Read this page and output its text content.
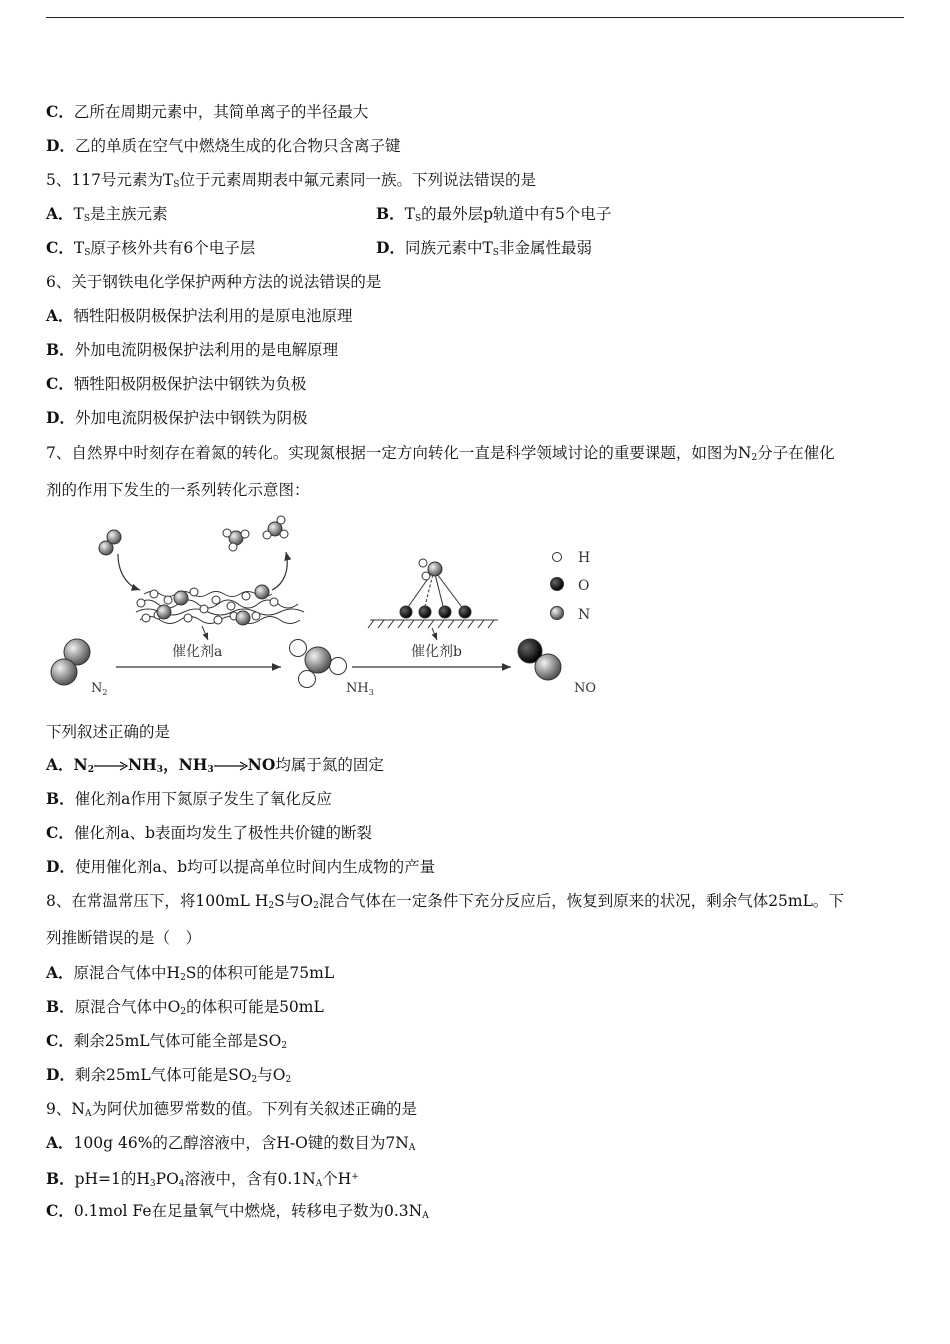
C．乙所在周期元素中，其简单离子的半径最大
D．乙的单质在空气中燃烧生成的化合物只含离子键
5、117号元素为$T_S$位于元素周期表中氟元素同一族。下列说法错误的是
A．$T_S$是主族元素	B．$T_S$的最外层p轨道中有5个电子
C．$T_S$原子核外共有6个电子层	D．同族元素中$T_S$非金属性最弱
6、关于钢铁电化学保护两种方法的说法错误的是
A．牺牲阳极阴极保护法利用的是原电池原理
B．外加电流阴极保护法利用的是电解原理
C．牺牲阳极阴极保护法中钢铁为负极
D．外加电流阴极保护法中钢铁为阴极
7、自然界中时刻存在着氮的转化。实现氮根据一定方向转化一直是科学领域讨论的重要课题，如图为$N_2$分子在催化
剂的作用下发生的一系列转化示意图：
催化剂a	催化剂b
H
O
N
$N_2$	$NH_3$	NO
下列叙述正确的是
A．$N_2$ $NH_3$，$NH_3$ NO均属于氮的固定
B．催化剂a作用下氮原子发生了氧化反应
C．催化剂a、b表面均发生了极性共价键的断裂
D．使用催化剂a、b均可以提高单位时间内生成物的产量
8、在常温常压下，将100mL $H_2S$与$O_2$混合气体在一定条件下充分反应后，恢复到原来的状况，剩余气体25mL。下
列推断错误的是（　）
A．原混合气体中$H_2S$的体积可能是75mL
B．原混合气体中$O_2$的体积可能是50mL
C．剩余25mL气体可能全部是$SO_2$
D．剩余25mL气体可能是$SO_2$与$O_2$
9、$N_A$为阿伏加德罗常数的值。下列有关叙述正确的是
A．100g 46%的乙醇溶液中，含H-O键的数目为$7N_A$
B．pH=1的$H_3PO_4$溶液中，含有$0.1N_A$个H+
C．0.1mol Fe在足量氧气中燃烧，转移电子数为$0.3N_A$
